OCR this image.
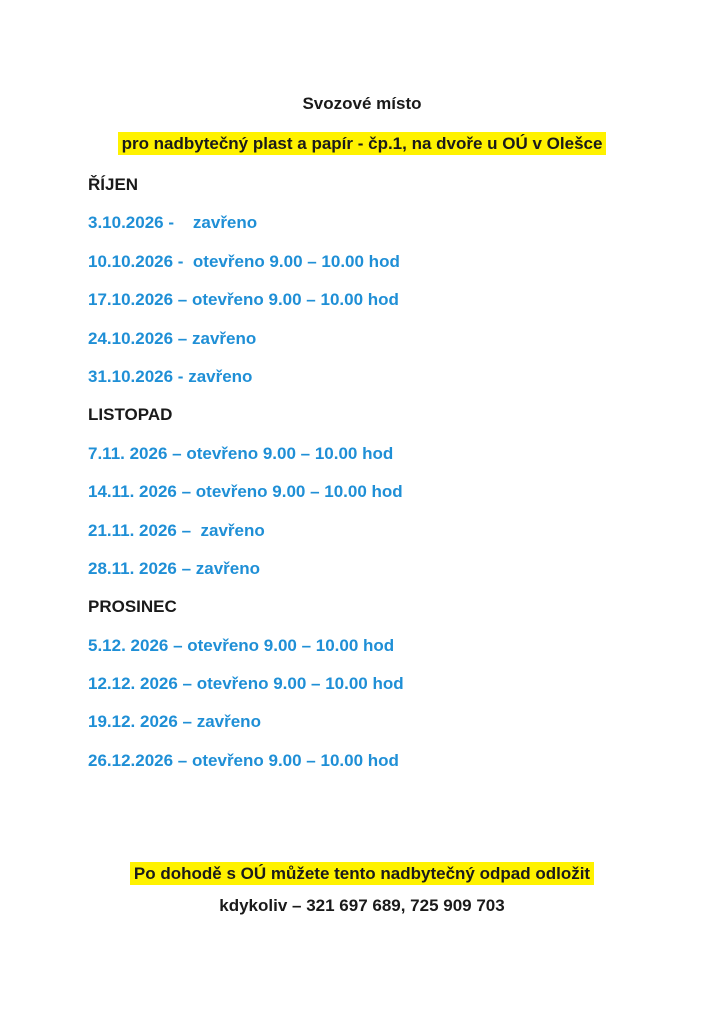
Svozové místo
pro nadbytečný plast a papír - čp.1, na dvoře u OÚ v Olešce
ŘÍJEN
3.10.2026 -    zavřeno
10.10.2026 -  otevřeno 9.00 – 10.00 hod
17.10.2026 – otevřeno 9.00 – 10.00 hod
24.10.2026 – zavřeno
31.10.2026 - zavřeno
LISTOPAD
7.11. 2026 – otevřeno 9.00 – 10.00 hod
14.11. 2026 – otevřeno 9.00 – 10.00 hod
21.11. 2026 –  zavřeno
28.11. 2026 – zavřeno
PROSINEC
5.12. 2026 – otevřeno 9.00 – 10.00 hod
12.12. 2026 – otevřeno 9.00 – 10.00 hod
19.12. 2026 – zavřeno
26.12.2026 – otevřeno 9.00 – 10.00 hod
Po dohodě s OÚ můžete tento nadbytečný odpad odložit
kdykoliv – 321 697 689, 725 909 703
